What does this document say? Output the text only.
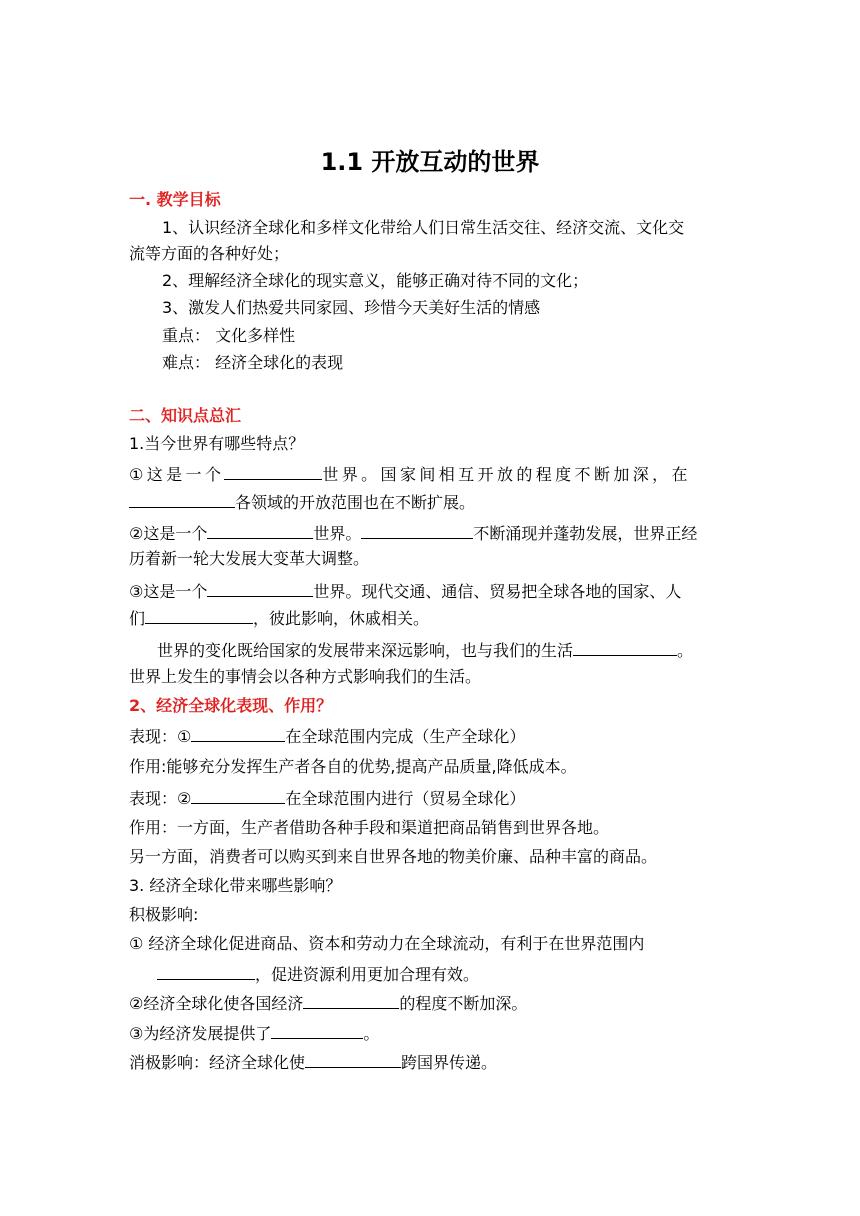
1.1 开放互动的世界
一. 教学目标
1、认识经济全球化和多样文化带给人们日常生活交往、经济交流、文化交
流等方面的各种好处；
2、理解经济全球化的现实意义，能够正确对待不同的文化；
3、激发人们热爱共同家园、珍惜今天美好生活的情感
重点： 文化多样性
难点： 经济全球化的表现
二、知识点总汇
1.当今世界有哪些特点？
①这是一个	世界。国家间相互开放的程度不断加深，在
各领域的开放范围也在不断扩展。
②这是一个	世界。	不断涌现并蓬勃发展，世界正经
历着新一轮大发展大变革大调整。
③这是一个	世界。现代交通、通信、贸易把全球各地的国家、人
们	，彼此影响，休戚相关。
世界的变化既给国家的发展带来深远影响，也与我们的生活	。
世界上发生的事情会以各种方式影响我们的生活。
2、经济全球化表现、作用？
表现：①	在全球范围内完成（生产全球化）
作用:能够充分发挥生产者各自的优势,提高产品质量,降低成本。
表现：②	在全球范围内进行（贸易全球化）
作用：一方面，生产者借助各种手段和渠道把商品销售到世界各地。
另一方面，消费者可以购买到来自世界各地的物美价廉、品种丰富的商品。
3. 经济全球化带来哪些影响？
积极影响:
① 经济全球化促进商品、资本和劳动力在全球流动，有利于在世界范围内
，促进资源利用更加合理有效。
②经济全球化使各国经济	的程度不断加深。
③为经济发展提供了	。
消极影响：经济全球化使	跨国界传递。
